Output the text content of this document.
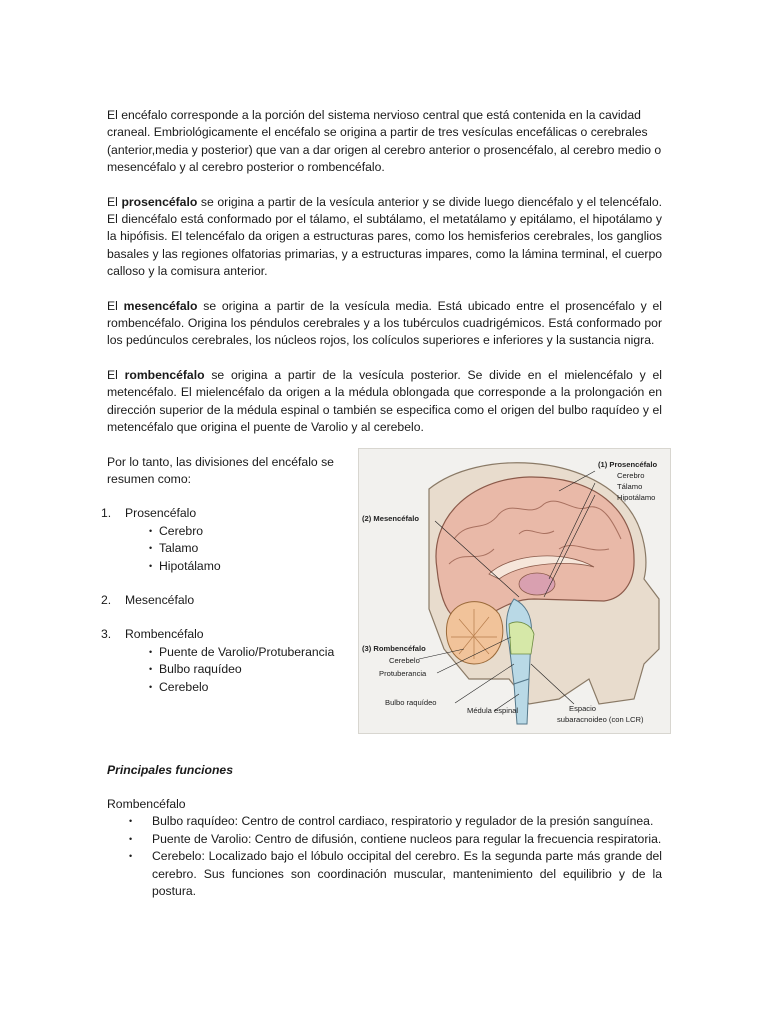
El encéfalo corresponde a la porción del sistema nervioso central que está contenida en la cavidad craneal. Embriológicamente el encéfalo se origina a partir de tres vesículas encefálicas o cerebrales (anterior,media y posterior) que van a dar origen al cerebro anterior o prosencéfalo, al cerebro medio o mesencéfalo y al cerebro posterior o rombencéfalo.

El prosencéfalo se origina a partir de la vesícula anterior y se divide luego diencéfalo y el telencéfalo. El diencéfalo está conformado por el tálamo, el subtálamo, el metatálamo y epitálamo, el hipotálamo y la hipófisis. El telencéfalo da origen a estructuras pares, como los hemisferios cerebrales, los ganglios basales y las regiones olfatorias primarias, y a estructuras impares, como la lámina terminal, el cuerpo calloso y la comisura anterior.

El mesencéfalo se origina a partir de la vesícula media. Está ubicado entre el prosencéfalo y el rombencéfalo. Origina los péndulos cerebrales y a los tubérculos cuadrigémicos. Está conformado por los pedúnculos cerebrales, los núcleos rojos, los colículos superiores e inferiores y la sustancia nigra.

El rombencéfalo se origina a partir de la vesícula posterior. Se divide en el mielencéfalo y el metencéfalo. El mielencéfalo da origen a la médula oblongada que corresponde a la prolongación en dirección superior de la médula espinal o también se especifica como el origen del bulbo raquídeo y el metencéfalo que origina el puente de Varolio y al cerebelo.

Por lo tanto, las divisiones del encéfalo se resumen como:

1. Prosencéfalo
• Cerebro
• Talamo
• Hipotálamo
2. Mesencéfalo
3. Rombencéfalo
• Puente de Varolio/Protuberancia
• Bulbo raquídeo
• Cerebelo
(1) Prosencéfalo
Cerebro
Tálamo
Hipotálamo
(2) Mesencéfalo
(3) Rombencéfalo
Cerebelo
Protuberancia
Bulbo raquídeo
Médula espinal	Espacio
subaracnoideo (con LCR)
Principales funciones
Rombencéfalo
• Bulbo raquídeo: Centro de control cardiaco, respiratorio y regulador de la presión sanguínea.
• Puente de Varolio: Centro de difusión, contiene nucleos para regular la frecuencia respiratoria.
• Cerebelo: Localizado bajo el lóbulo occipital del cerebro. Es la segunda parte más grande del cerebro. Sus funciones son coordinación muscular, mantenimiento del equilibrio y de la postura.
